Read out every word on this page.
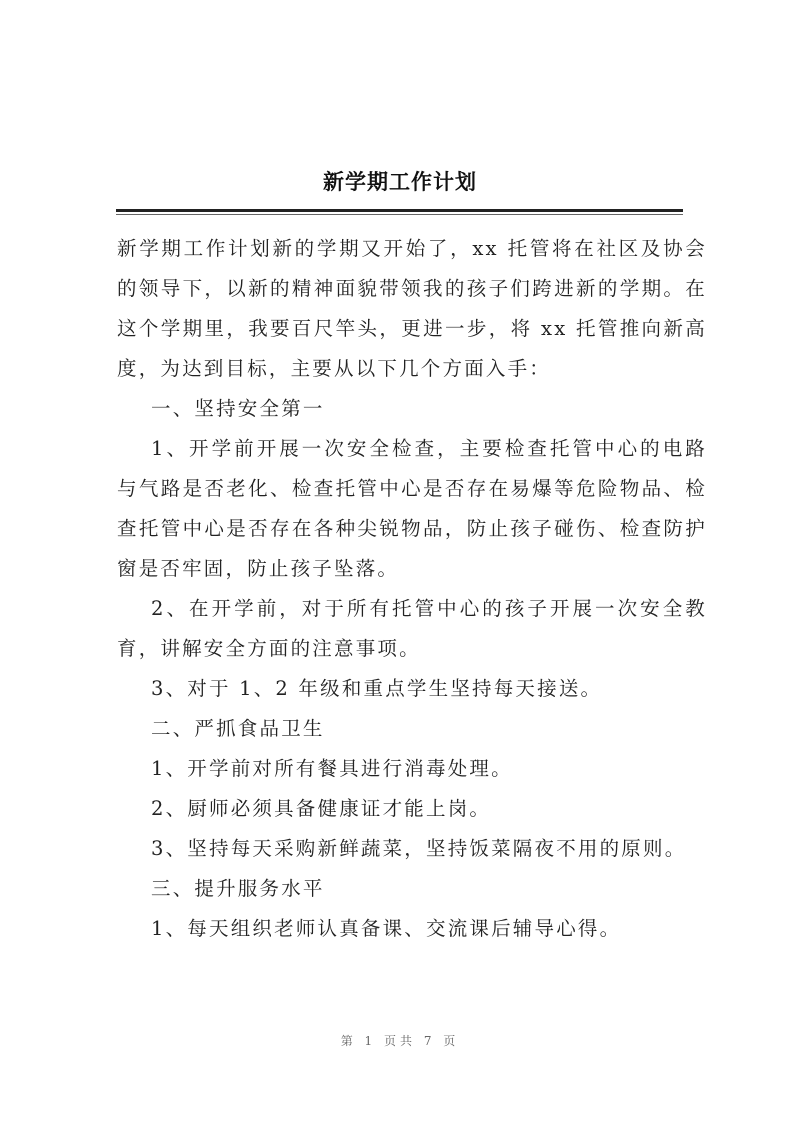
新学期工作计划

新学期工作计划新的学期又开始了，xx 托管将在社区及协会的领导下，以新的精神面貌带领我的孩子们跨进新的学期。在这个学期里，我要百尺竿头，更进一步，将 xx 托管推向新高度，为达到目标，主要从以下几个方面入手：

一、坚持安全第一

1、开学前开展一次安全检查，主要检查托管中心的电路与气路是否老化、检查托管中心是否存在易爆等危险物品、检查托管中心是否存在各种尖锐物品，防止孩子碰伤、检查防护窗是否牢固，防止孩子坠落。

2、在开学前，对于所有托管中心的孩子开展一次安全教育，讲解安全方面的注意事项。

3、对于 1、2 年级和重点学生坚持每天接送。

二、严抓食品卫生

1、开学前对所有餐具进行消毒处理。

2、厨师必须具备健康证才能上岗。

3、坚持每天采购新鲜蔬菜，坚持饭菜隔夜不用的原则。

三、提升服务水平

1、每天组织老师认真备课、交流课后辅导心得。

第 1 页共 7 页
